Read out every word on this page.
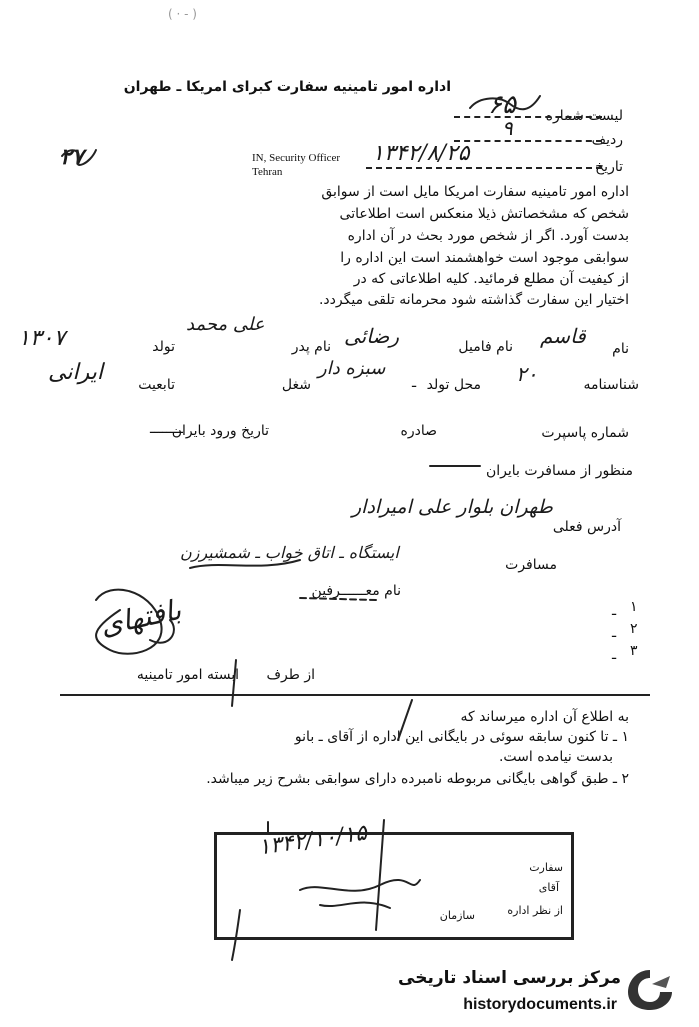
( · - )
اداره امور تامینیه سفارت کبرای امریکا ـ طهران
لیست شماره
۶۵
ردیف
۹
تاریخ
۱۳۴۲/۸/۲۵
۲۷	IN, Security Officer
Tehran
اداره امور تامینیه سفارت امریکا مایل است از سوابق
شخص که مشخصاتش ذیلا منعکس است اطلاعاتی
بدست آورد. اگر از شخص مورد بحث در آن اداره
سوابقی موجود است خواهشمند است این اداره را
از کیفیت آن مطلع فرمائید. کلیه اطلاعاتی که در
اختیار این سفارت گذاشته شود محرمانه تلقی میگردد.
نام
قاسم
نام فامیل
رضائی
نام پدر
علی محمد
تولد
۱۳۰۷
شناسنامه
۲۰
محل تولد
ـ
سبزه دار
شغل
تابعیت
ایرانی
شماره پاسپرت
صادره
تاریخ ورود بایران
ــــــــ
منظور از مسافرت بایران
آدرس فعلی
طهران بلوار علی امیرادار
مسافرت
ایستگاه ـ اتاق خواب ـ شمشیرزن
نام معــــــرفین
۱
۲
۳
ـ
ـ
ـ
بافتهای
از طرف
ابسته امور تامینیه
به اطلاع آن اداره میرساند که
۱ ـ تا کنون سابقه سوئی در بایگانی این اداره از آقای ـ بانو
بدست نیامده است.
۲ ـ طبق گواهی بایگانی مربوطه نامبرده دارای سوابقی بشرح زیر میباشد.
۱۳۴۲/۱۰/۱۵
سفارت
آقای
از نظر اداره
سازمان
مرکز بررسی اسناد تاریخی
historydocuments.ir
